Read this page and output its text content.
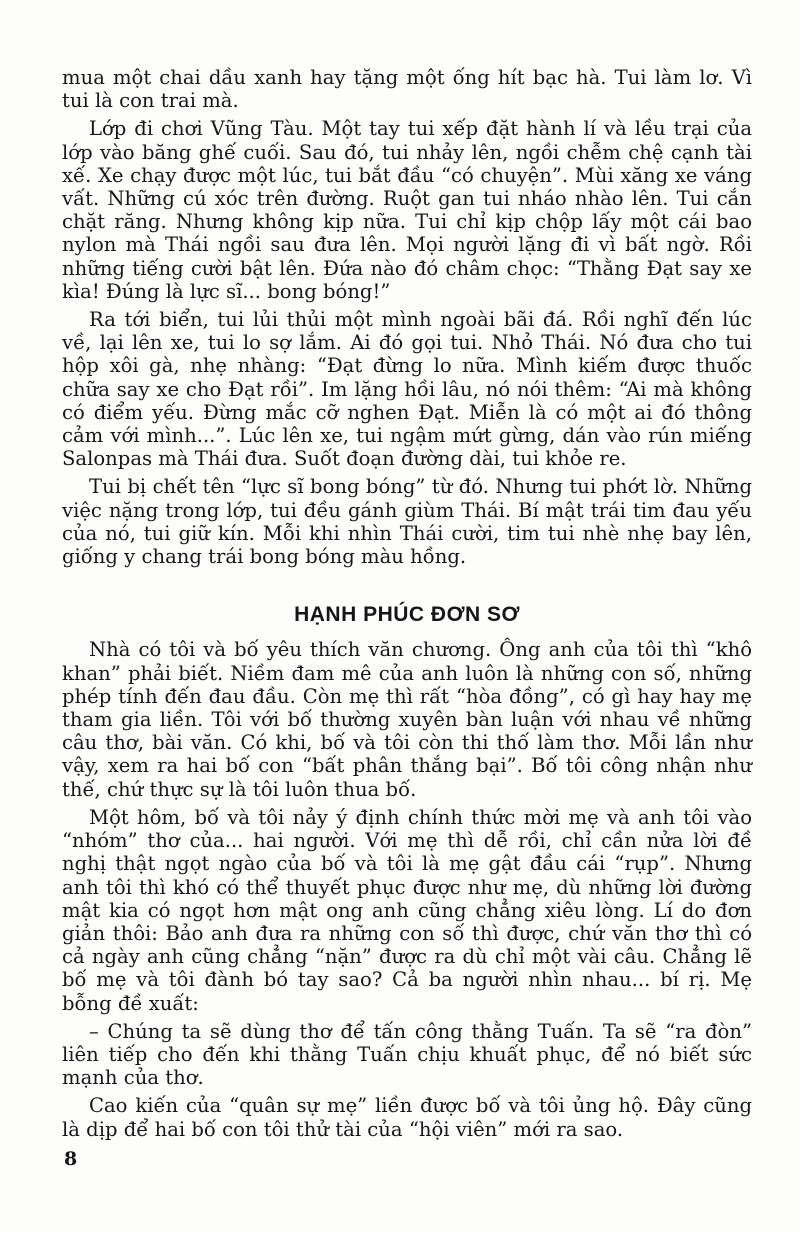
mua một chai dầu xanh hay tặng một ống hít bạc hà. Tui làm lơ. Vì tui là con trai mà.

Lớp đi chơi Vũng Tàu. Một tay tui xếp đặt hành lí và lều trại của lớp vào băng ghế cuối. Sau đó, tui nhảy lên, ngồi chễm chệ cạnh tài xế. Xe chạy được một lúc, tui bắt đầu “có chuyện”. Mùi xăng xe váng vất. Những cú xóc trên đường. Ruột gan tui nháo nhào lên. Tui cắn chặt răng. Nhưng không kịp nữa. Tui chỉ kịp chộp lấy một cái bao nylon mà Thái ngồi sau đưa lên. Mọi người lặng đi vì bất ngờ. Rồi những tiếng cười bật lên. Đứa nào đó châm chọc: “Thằng Đạt say xe kìa! Đúng là lực sĩ... bong bóng!”

Ra tới biển, tui lủi thủi một mình ngoài bãi đá. Rồi nghĩ đến lúc về, lại lên xe, tui lo sợ lắm. Ai đó gọi tui. Nhỏ Thái. Nó đưa cho tui hộp xôi gà, nhẹ nhàng: “Đạt đừng lo nữa. Mình kiếm được thuốc chữa say xe cho Đạt rồi”. Im lặng hồi lâu, nó nói thêm: “Ai mà không có điểm yếu. Đừng mắc cỡ nghen Đạt. Miễn là có một ai đó thông cảm với mình...”. Lúc lên xe, tui ngậm mứt gừng, dán vào rún miếng Salonpas mà Thái đưa. Suốt đoạn đường dài, tui khỏe re.

Tui bị chết tên “lực sĩ bong bóng” từ đó. Nhưng tui phớt lờ. Những việc nặng trong lớp, tui đều gánh giùm Thái. Bí mật trái tim đau yếu của nó, tui giữ kín. Mỗi khi nhìn Thái cười, tim tui nhè nhẹ bay lên, giống y chang trái bong bóng màu hồng.

HẠNH PHÚC ĐƠN SƠ

Nhà có tôi và bố yêu thích văn chương. Ông anh của tôi thì “khô khan” phải biết. Niềm đam mê của anh luôn là những con số, những phép tính đến đau đầu. Còn mẹ thì rất “hòa đồng”, có gì hay hay mẹ tham gia liền. Tôi với bố thường xuyên bàn luận với nhau về những câu thơ, bài văn. Có khi, bố và tôi còn thi thố làm thơ. Mỗi lần như vậy, xem ra hai bố con “bất phân thắng bại”. Bố tôi công nhận như thế, chứ thực sự là tôi luôn thua bố.

Một hôm, bố và tôi nảy ý định chính thức mời mẹ và anh tôi vào “nhóm” thơ của... hai người. Với mẹ thì dễ rồi, chỉ cần nửa lời đề nghị thật ngọt ngào của bố và tôi là mẹ gật đầu cái “rụp”. Nhưng anh tôi thì khó có thể thuyết phục được như mẹ, dù những lời đường mật kia có ngọt hơn mật ong anh cũng chẳng xiêu lòng. Lí do đơn giản thôi: Bảo anh đưa ra những con số thì được, chứ văn thơ thì có cả ngày anh cũng chẳng “nặn” được ra dù chỉ một vài câu. Chẳng lẽ bố mẹ và tôi đành bó tay sao? Cả ba người nhìn nhau... bí rị. Mẹ bỗng đề xuất:

– Chúng ta sẽ dùng thơ để tấn công thằng Tuấn. Ta sẽ “ra đòn” liên tiếp cho đến khi thằng Tuấn chịu khuất phục, để nó biết sức mạnh của thơ.

Cao kiến của “quân sự mẹ” liền được bố và tôi ủng hộ. Đây cũng là dịp để hai bố con tôi thử tài của “hội viên” mới ra sao.

8
